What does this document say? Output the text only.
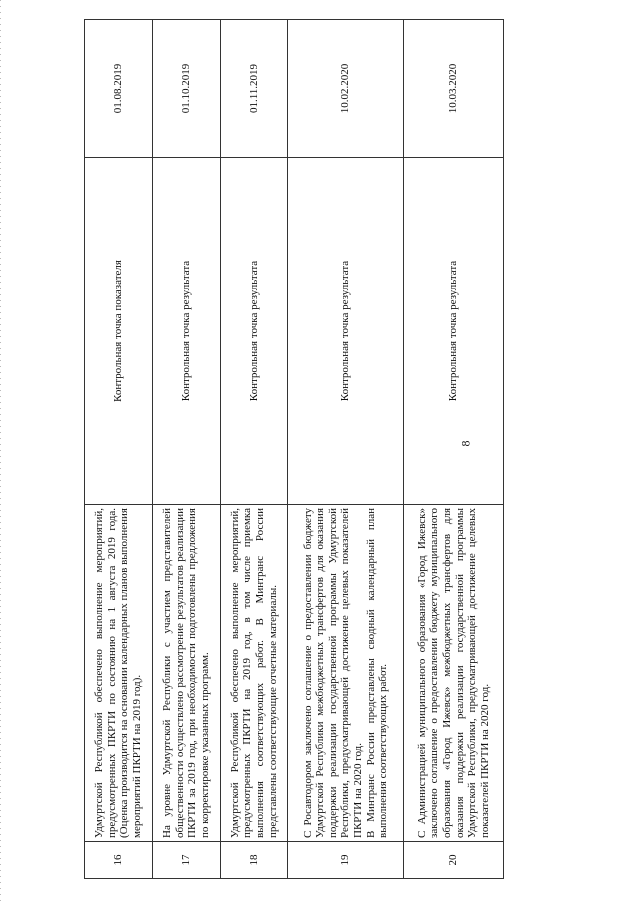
8
16	Удмуртской Республикой обеспечено выполнение мероприятий, предусмотренных ПКРТИ по состоянию на 1 августа 2019 года. (Оценка производится на основании календарных планов выполнения мероприятий ПКРТИ на 2019 год).	Контрольная точка показателя	01.08.2019
17	На уровне Удмуртской Республики с участием представителей общественности осуществлено рассмотрение результатов реализации ПКРТИ за 2019 год, при необходимости подготовлены предложения по корректировке указанных программ.	Контрольная точка результата	01.10.2019
18	Удмуртской Республикой обеспечено выполнение мероприятий, предусмотренных ПКРТИ на 2019 год, в том числе приемка выполнения соответствующих работ. В Минтранс России представлены соответствующие отчетные материалы.	Контрольная точка результата	01.11.2019
19	С Росавтодором заключено соглашение о предоставлении бюджету Удмуртской Республики межбюджетных трансфертов для оказания поддержки реализации государственной программы Удмуртской Республики, предусматривающей достижение целевых показателей ПКРТИ на 2020 год. В Минтранс России представлены сводный календарный план выполнения соответствующих работ.	Контрольная точка результата	10.02.2020
20	С Администрацией муниципального образования «Город Ижевск» заключено соглашение о предоставлении бюджету муниципального образования «Город Ижевск» межбюджетных трансфертов для оказания поддержки реализации государственной программы Удмуртской Республики, предусматривающей достижение целевых показателей ПКРТИ на 2020 год.	Контрольная точка результата	10.03.2020
